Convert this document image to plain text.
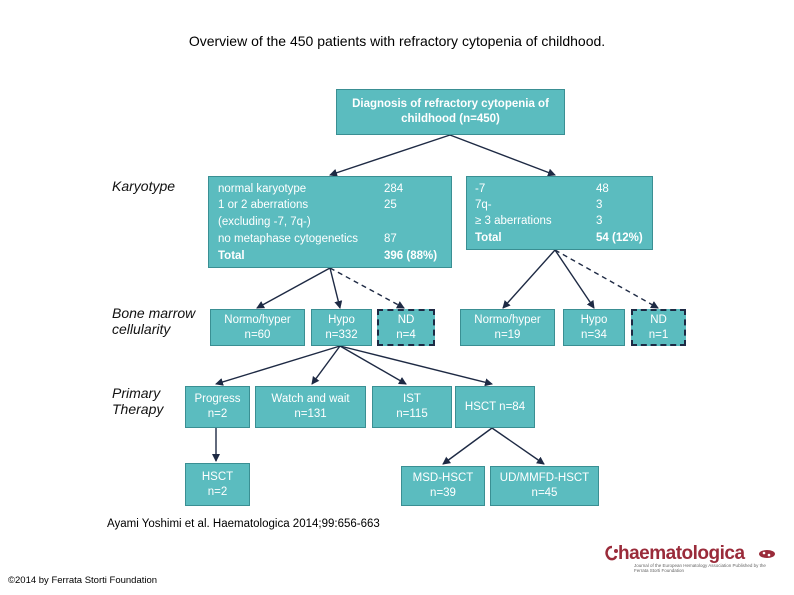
Overview of the 450 patients with refractory cytopenia of childhood.
Karyotype
Bone marrow cellularity
Primary Therapy
Diagnosis of refractory cytopenia of
childhood (n=450)
normal karyotype	284
1 or 2 aberrations	25
(excluding -7, 7q-)
no metaphase cytogenetics 87
Total	396 (88%)
-7	48
7q-	3
≥ 3 aberrations	3
Total	54 (12%)
Normo/hyper
n=60
Hypo
n=332
ND
n=4
Normo/hyper
n=19
Hypo
n=34
ND
n=1
Progress
n=2
Watch and wait
n=131
IST
n=115
HSCT n=84
HSCT
n=2
MSD-HSCT
n=39
UD/MMFD-HSCT
n=45
Ayami Yoshimi et al. Haematologica 2014;99:656-663
©2014 by Ferrata Storti Foundation
haematologica
Journal of the European Hematology Association Published by the Ferrata Storti Foundation
